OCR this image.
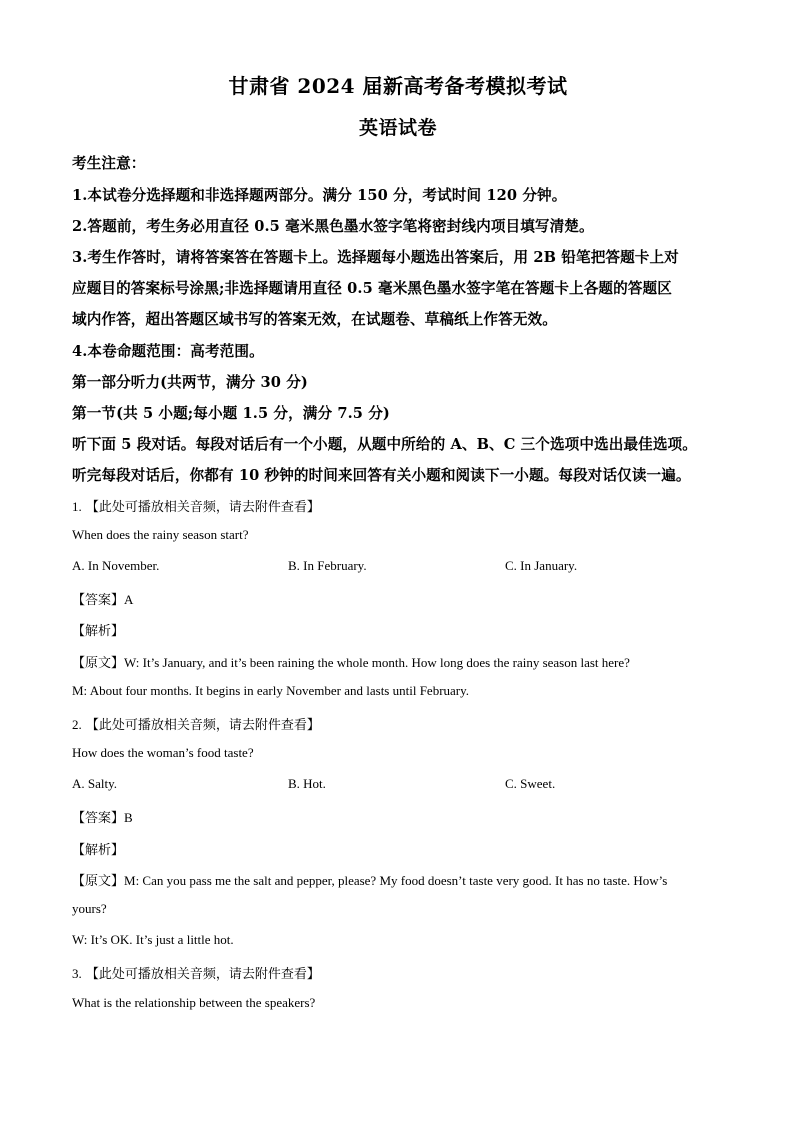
甘肃省 2024 届新高考备考模拟考试
英语试卷
考生注意：
1.本试卷分选择题和非选择题两部分。满分 150 分，考试时间 120 分钟。
2.答题前，考生务必用直径 0.5 毫米黑色墨水签字笔将密封线内项目填写清楚。
3.考生作答时，请将答案答在答题卡上。选择题每小题选出答案后，用 2B 铅笔把答题卡上对
应题目的答案标号涂黑;非选择题请用直径 0.5 毫米黑色墨水签字笔在答题卡上各题的答题区
域内作答，超出答题区域书写的答案无效，在试题卷、草稿纸上作答无效。
4.本卷命题范围：高考范围。
第一部分听力(共两节，满分 30 分)
第一节(共 5 小题;每小题 1.5 分，满分 7.5 分)
听下面 5 段对话。每段对话后有一个小题，从题中所给的 A、B、C 三个选项中选出最佳选项。
听完每段对话后，你都有 10 秒钟的时间来回答有关小题和阅读下一小题。每段对话仅读一遍。
1. 【此处可播放相关音频，请去附件查看】
When does the rainy season start?
A. In November.	B. In February.	C. In January.
【答案】A
【解析】
【原文】W: It’s January, and it’s been raining the whole month. How long does the rainy season last here?
M: About four months. It begins in early November and lasts until February.
2. 【此处可播放相关音频，请去附件查看】
How does the woman’s food taste?
A. Salty.	B. Hot.	C. Sweet.
【答案】B
【解析】
【原文】M: Can you pass me the salt and pepper, please? My food doesn’t taste very good. It has no taste. How’s
yours?
W: It’s OK. It’s just a little hot.
3. 【此处可播放相关音频，请去附件查看】
What is the relationship between the speakers?
